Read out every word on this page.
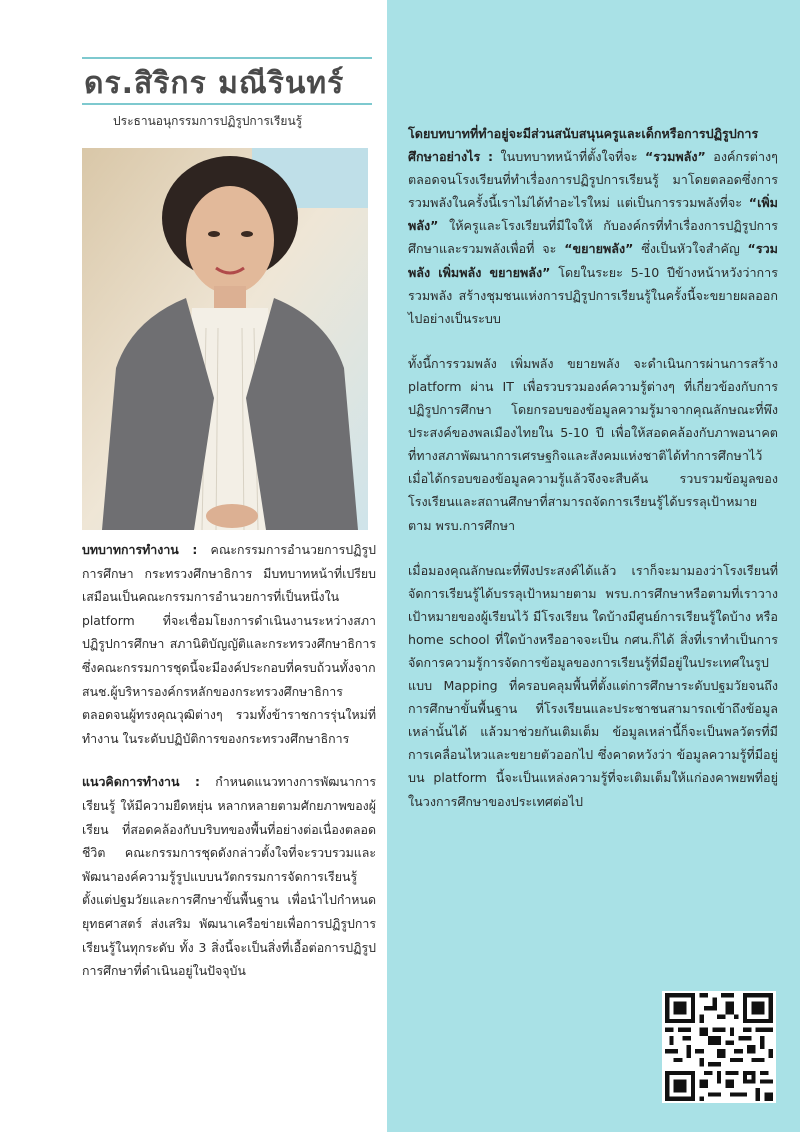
ดร.สิริกร มณีรินทร์
ประธานอนุกรรมการปฏิรูปการเรียนรู้

บทบาทการทำงาน : คณะกรรมการอำนวยการปฏิรูปการศึกษา กระทรวงศึกษาธิการ มีบทบาทหน้าที่เปรียบเสมือนเป็นคณะกรรมการอำนวยการที่เป็นหนึ่งใน platform ที่จะเชื่อมโยงการดำเนินงานระหว่างสภาปฏิรูปการศึกษา สภานิติบัญญัติและกระทรวงศึกษาธิการ ซึ่งคณะกรรมการชุดนี้จะมีองค์ประกอบที่ครบถ้วนทั้งจาก สนช.ผู้บริหารองค์กรหลักของกระทรวงศึกษาธิการ ตลอดจนผู้ทรงคุณวุฒิต่างๆ รวมทั้งข้าราชการรุ่นใหม่ที่ทำงาน ในระดับปฏิบัติการของกระทรวงศึกษาธิการ

แนวคิดการทำงาน : กำหนดแนวทางการพัฒนาการเรียนรู้ ให้มีความยืดหยุ่น หลากหลายตามศักยภาพของผู้เรียน ที่สอดคล้องกับบริบทของพื้นที่อย่างต่อเนื่องตลอดชีวิต คณะกรรมการชุดดังกล่าวตั้งใจที่จะรวบรวมและพัฒนาองค์ความรู้รูปแบบนวัตกรรมการจัดการเรียนรู้ตั้งแต่ปฐมวัยและการศึกษาขั้นพื้นฐาน เพื่อนำไปกำหนดยุทธศาสตร์ ส่งเสริม พัฒนาเครือข่ายเพื่อการปฏิรูปการเรียนรู้ในทุกระดับ ทั้ง 3 สิ่งนี้จะเป็นสิ่งที่เอื้อต่อการปฏิรูปการศึกษาที่ดำเนินอยู่ในปัจจุบัน

โดยบทบาทที่ทำอยู่จะมีส่วนสนับสนุนครูและเด็กหรือการปฏิรูปการศึกษาอย่างไร : ในบทบาทหน้าที่ตั้งใจที่จะ “รวมพลัง” องค์กรต่างๆตลอดจนโรงเรียนที่ทำเรื่องการปฏิรูปการเรียนรู้ มาโดยตลอดซึ่งการรวมพลังในครั้งนี้เราไม่ได้ทำอะไรใหม่ แต่เป็นการรวมพลังที่จะ “เพิ่มพลัง” ให้ครูและโรงเรียนที่มีใจให้ กับองค์กรที่ทำเรื่องการปฏิรูปการศึกษาและรวมพลังเพื่อที่ จะ “ขยายพลัง” ซึ่งเป็นหัวใจสำคัญ “รวมพลัง เพิ่มพลัง ขยายพลัง” โดยในระยะ 5-10 ปีข้างหน้าหวังว่าการรวมพลัง สร้างชุมชนแห่งการปฏิรูปการเรียนรู้ในครั้งนี้จะขยายผลออก ไปอย่างเป็นระบบ

ทั้งนี้การรวมพลัง เพิ่มพลัง ขยายพลัง จะดำเนินการผ่านการสร้าง platform ผ่าน IT เพื่อรวบรวมองค์ความรู้ต่างๆ ที่เกี่ยวข้องกับการปฏิรูปการศึกษา โดยกรอบของข้อมูลความรู้มาจากคุณลักษณะที่พึงประสงค์ของพลเมืองไทยใน 5-10 ปี เพื่อให้สอดคล้องกับภาพอนาคต ที่ทางสภาพัฒนาการเศรษฐกิจและสังคมแห่งชาติได้ทำการศึกษาไว้ เมื่อได้กรอบของข้อมูลความรู้แล้วจึงจะสืบค้น รวบรวมข้อมูลของโรงเรียนและสถานศึกษาที่สามารถจัดการเรียนรู้ได้บรรลุเป้าหมายตาม พรบ.การศึกษา

เมื่อมองคุณลักษณะที่พึงประสงค์ได้แล้ว เราก็จะมามองว่าโรงเรียนที่จัดการเรียนรู้ได้บรรลุเป้าหมายตาม พรบ.การศึกษาหรือตามที่เราวางเป้าหมายของผู้เรียนไว้ มีโรงเรียน ใดบ้างมีศูนย์การเรียนรู้ใดบ้าง หรือ home school ที่ใดบ้างหรืออาจจะเป็น กศน.ก็ได้ สิ่งที่เราทำเป็นการจัดการความรู้การจัดการข้อมูลของการเรียนรู้ที่มีอยู่ในประเทศในรูปแบบ Mapping ที่ครอบคลุมพื้นที่ตั้งแต่การศึกษาระดับปฐมวัยจนถึงการศึกษาขั้นพื้นฐาน ที่โรงเรียนและประชาชนสามารถเข้าถึงข้อมูลเหล่านั้นได้ แล้วมาช่วยกันเติมเต็ม ข้อมูลเหล่านี้ก็จะเป็นพลวัตรที่มีการเคลื่อนไหวและขยายตัวออกไป ซึ่งคาดหวังว่า ข้อมูลความรู้ที่มีอยู่บน platform นี้จะเป็นแหล่งความรู้ที่จะเติมเต็มให้แก่องคาพยพที่อยู่ในวงการศึกษาของประเทศต่อไป
